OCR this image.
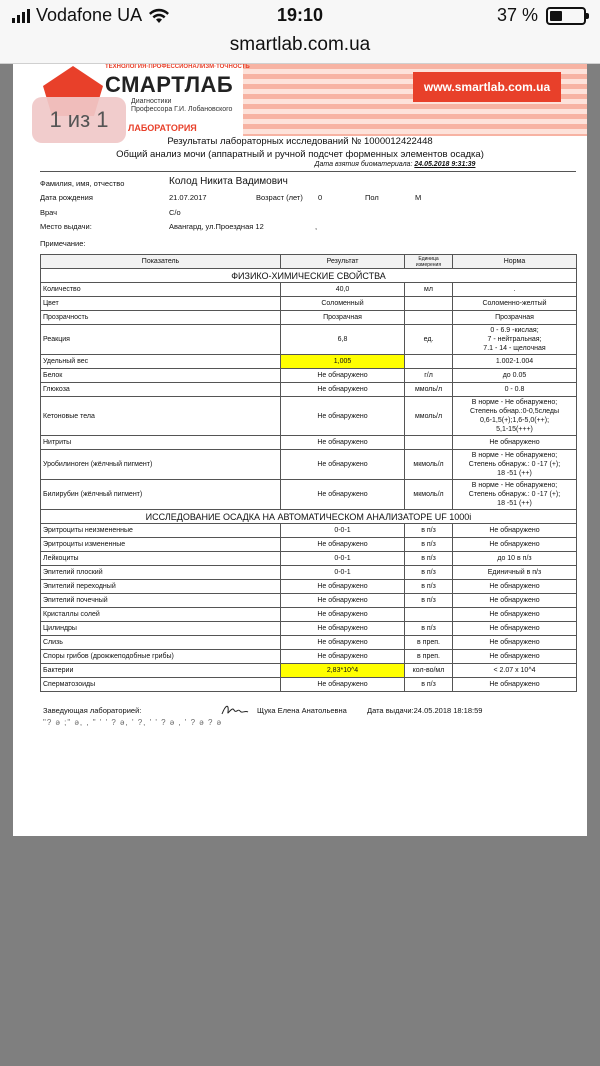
Vodafone UA	19:10	37 %
smartlab.com.ua
www.smartlab.com.ua
ТЕХНОЛОГИЯ·ПРОФЕССИОНАЛИЗМ·ТОЧНОСТЬ
СМАРТЛАБ
Диагностики
Профессора Г.И. Лобановского
ЛАБОРАТОРИЯ
Результаты лабораторных исследований № 1000012422448
Общий анализ мочи (аппаратный и ручной подсчет форменных элементов осадка)
Дата взятия биоматериала: 24.05.2018 9:31:39
Фамилия, имя, отчество	Колод Никита Вадимович
Дата рождения	21.07.2017	Возраст (лет) 0	Пол	М
Врач	С/о
Место выдачи:	Авангард, ул.Проездная 12	,
Примечание:
Показатель	Результат	Единица измерения	Норма
ФИЗИКО-ХИМИЧЕСКИЕ СВОЙСТВА			
Количество	40,0	мл	.
Цвет	Соломенный		Соломенно-желтый
Прозрачность	Прозрачная		Прозрачная
Реакция	6,8	ед.	0 - 6.9 -кислая;
7 - нейтральная;
7.1 - 14 - щелочная
Удельный вес	1,005		1.002-1.004
Белок	Не обнаружено	г/л	до 0.05
Глюкоза	Не обнаружено	ммоль/л	0 - 0.8
Кетоновые тела	Не обнаружено	ммоль/л	В норме - Не обнаружено;
Степень обнар.:0-0,5следы
0,6-1,5(+);1,6-5,0(++);
5,1-15(+++)
Нитриты	Не обнаружено		Не обнаружено
Уробилиноген (жёлчный пигмент)	Не обнаружено	мкмоль/л	В норме - Не обнаружено;
Степень обнаруж.: 0 -17 (+);
18 -51 (++)
Билирубин (жёлчный пигмент)	Не обнаружено	мкмоль/л	В норме - Не обнаружено;
Степень обнаруж.: 0 -17 (+);
18 -51 (++)
ИССЛЕДОВАНИЕ ОСАДКА НА АВТОМАТИЧЕСКОМ АНАЛИЗАТОРЕ UF 1000i			
Эритроциты неизмененные	0-0-1	в п/з	Не обнаружено
Эритроциты измененные	Не обнаружено	в п/з	Не обнаружено
Лейкоциты	0-0-1	в п/з	до 10 в п/з
Эпителий плоский	0-0-1	в п/з	Единичный в п/з
Эпителий переходный	Не обнаружено	в п/з	Не обнаружено
Эпителий почечный	Не обнаружено	в п/з	Не обнаружено
Кристаллы солей	Не обнаружено		Не обнаружено
Цилиндры	Не обнаружено	в п/з	Не обнаружено
Слизь	Не обнаружено	в преп.	Не обнаружено
Споры грибов (дрожжеподобные грибы)	Не обнаружено	в преп.	Не обнаружено
Бактерии	2,83*10^4	кол-во/мл	< 2.07 x 10^4
Сперматозоиды	Не обнаружено	в п/з	Не обнаружено
Заведующая лабораторией:	Щука Елена Анатольевна	Дата выдачи:24.05.2018 18:18:59
"? ə ;" ə, , " ' ' ? ə, ' ?, ' ' ? ə , ' ? ə ? ə
1 из 1
